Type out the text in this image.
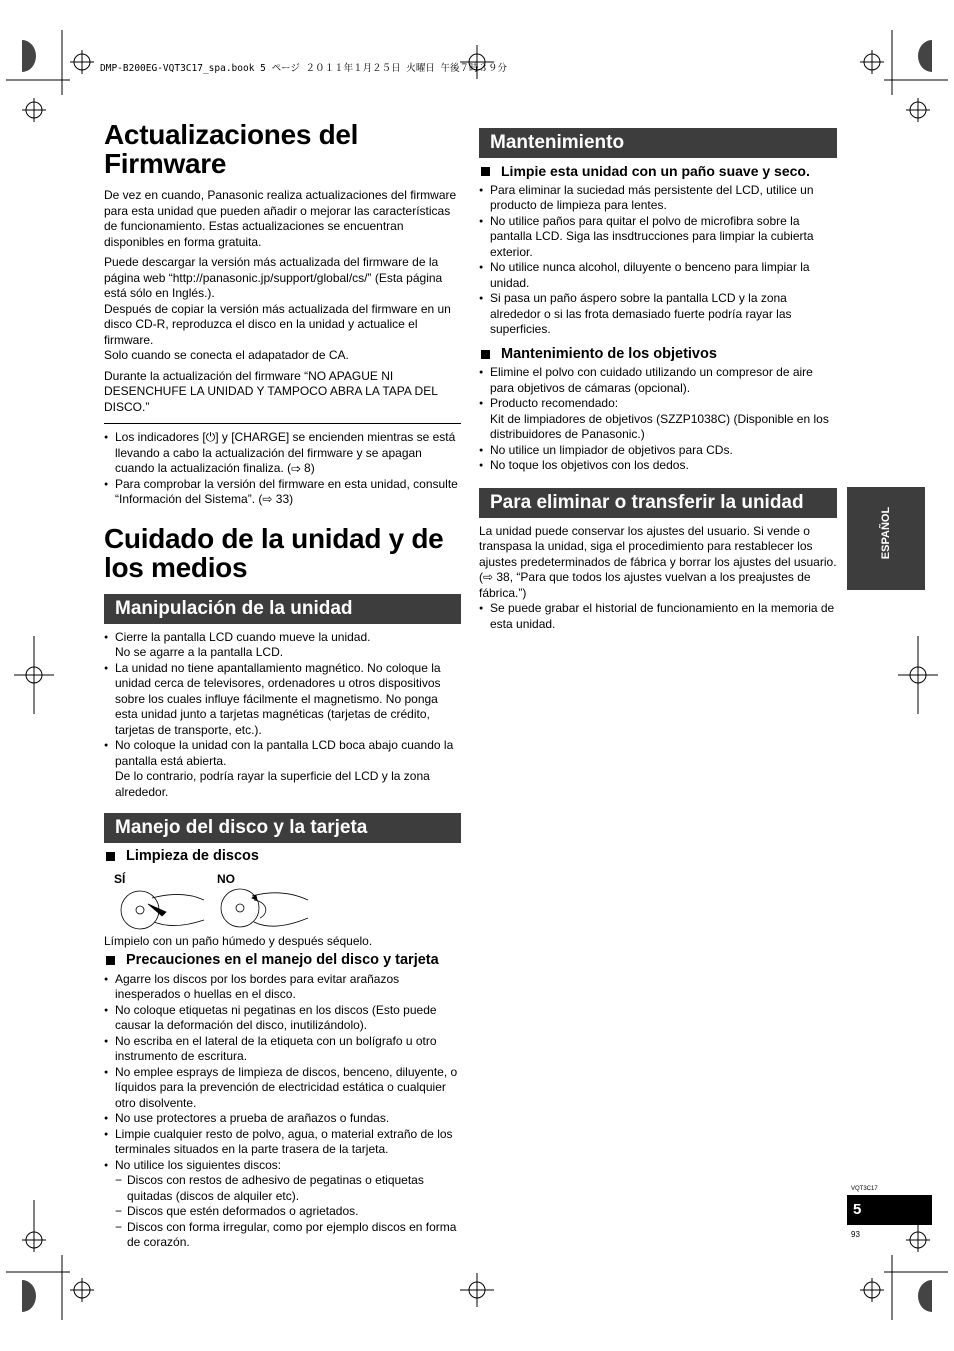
DMP-B200EG-VQT3C17_spa.book 5 ページ ２０１１年１月２５日 火曜日 午後７時３９分
Actualizaciones del Firmware

De vez en cuando, Panasonic realiza actualizaciones del firmware para esta unidad que pueden añadir o mejorar las características de funcionamiento. Estas actualizaciones se encuentran disponibles en forma gratuita.

Puede descargar la versión más actualizada del firmware de la página web “http://panasonic.jp/support/global/cs/” (Esta página está sólo en Inglés.).

Después de copiar la versión más actualizada del firmware en un disco CD-R, reproduzca el disco en la unidad y actualice el firmware.

Solo cuando se conecta el adapatador de CA.

Durante la actualización del firmware “NO APAGUE NI DESENCHUFE LA UNIDAD Y TAMPOCO ABRA LA TAPA DEL DISCO.”

● Los indicadores [⏻] y [CHARGE] se encienden mientras se está llevando a cabo la actualización del firmware y se apagan cuando la actualización finaliza. (⇨ 8)
● Para comprobar la versión del firmware en esta unidad, consulte “Información del Sistema”. (⇨ 33)
Cuidado de la unidad y de los medios
Manipulación de la unidad
● Cierre la pantalla LCD cuando mueve la unidad.
No se agarre a la pantalla LCD.
● La unidad no tiene apantallamiento magnético. No coloque la unidad cerca de televisores, ordenadores u otros dispositivos sobre los cuales influye fácilmente el magnetismo. No ponga esta unidad junto a tarjetas magnéticas (tarjetas de crédito, tarjetas de transporte, etc.).
● No coloque la unidad con la pantalla LCD boca abajo cuando la pantalla está abierta.
De lo contrario, podría rayar la superficie del LCD y la zona alrededor.
Manejo del disco y la tarjeta
Limpieza de discos
SÍ	NO

Límpielo con un paño húmedo y después séquelo.

Precauciones en el manejo del disco y tarjeta
● Agarre los discos por los bordes para evitar arañazos inesperados o huellas en el disco.
● No coloque etiquetas ni pegatinas en los discos (Esto puede causar la deformación del disco, inutilizándolo).
● No escriba en el lateral de la etiqueta con un bolígrafo u otro instrumento de escritura.
● No emplee esprays de limpieza de discos, benceno, diluyente, o líquidos para la prevención de electricidad estática o cualquier otro disolvente.
● No use protectores a prueba de arañazos o fundas.
● Limpie cualquier resto de polvo, agua, o material extraño de los terminales situados en la parte trasera de la tarjeta.
● No utilice los siguientes discos:
− Discos con restos de adhesivo de pegatinas o etiquetas quitadas (discos de alquiler etc).
− Discos que estén deformados o agrietados.
− Discos con forma irregular, como por ejemplo discos en forma de corazón.
Mantenimiento
Limpie esta unidad con un paño suave y seco.
● Para eliminar la suciedad más persistente del LCD, utilice un producto de limpieza para lentes.
● No utilice paños para quitar el polvo de microfibra sobre la pantalla LCD. Siga las insdtrucciones para limpiar la cubierta exterior.
● No utilice nunca alcohol, diluyente o benceno para limpiar la unidad.
● Si pasa un paño áspero sobre la pantalla LCD y la zona alrededor o si las frota demasiado fuerte podría rayar las superficies.
Mantenimiento de los objetivos
● Elimine el polvo con cuidado utilizando un compresor de aire para objetivos de cámaras (opcional).
● Producto recomendado:
Kit de limpiadores de objetivos (SZZP1038C) (Disponible en los distribuidores de Panasonic.)
● No utilice un limpiador de objetivos para CDs.
● No toque los objetivos con los dedos.
Para eliminar o transferir la unidad

La unidad puede conservar los ajustes del usuario. Si vende o transpasa la unidad, siga el procedimiento para restablecer los ajustes predeterminados de fábrica y borrar los ajustes del usuario. (⇨ 38, “Para que todos los ajustes vuelvan a los preajustes de fábrica.”)

● Se puede grabar el historial de funcionamiento en la memoria de esta unidad.
ESPAÑOL
VQT3C17
5
93
